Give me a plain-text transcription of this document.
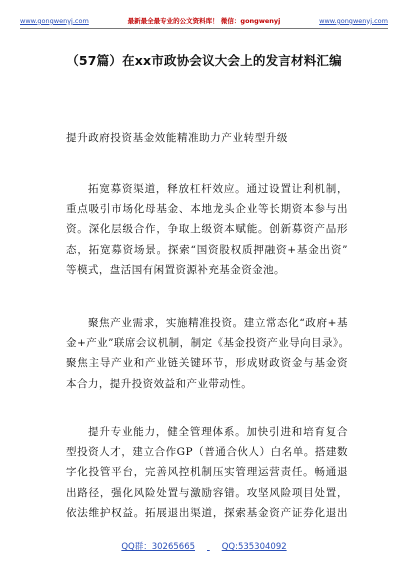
www.gongwenyj.com	最新最全最专业的公文资料库！ 微信：gongwenyj	www.gongwenyj.com
（57篇）在xx市政协会议大会上的发言材料汇编
提升政府投资基金效能精准助力产业转型升级
拓宽募资渠道，释放杠杆效应。通过设置让利机制，
重点吸引市场化母基金、本地龙头企业等长期资本参与出
资。深化层级合作，争取上级资本赋能。创新募资产品形
态，拓宽募资场景。探索“国资股权质押融资+基金出资”
等模式，盘活国有闲置资源补充基金资金池。
聚焦产业需求，实施精准投资。建立常态化“政府+基
金+产业”联席会议机制，制定《基金投资产业导向目录》。
聚焦主导产业和产业链关键环节，形成财政资金与基金资
本合力，提升投资效益和产业带动性。
提升专业能力，健全管理体系。加快引进和培育复合
型投资人才，建立合作GP（普通合伙人）白名单。搭建数
字化投管平台，完善风控机制压实管理运营责任。畅通退
出路径，强化风险处置与激励容错。攻坚风险项目处置，
依法维护权益。拓展退出渠道，探索基金资产证券化退出
QQ群：30265665	QQ:535304092
